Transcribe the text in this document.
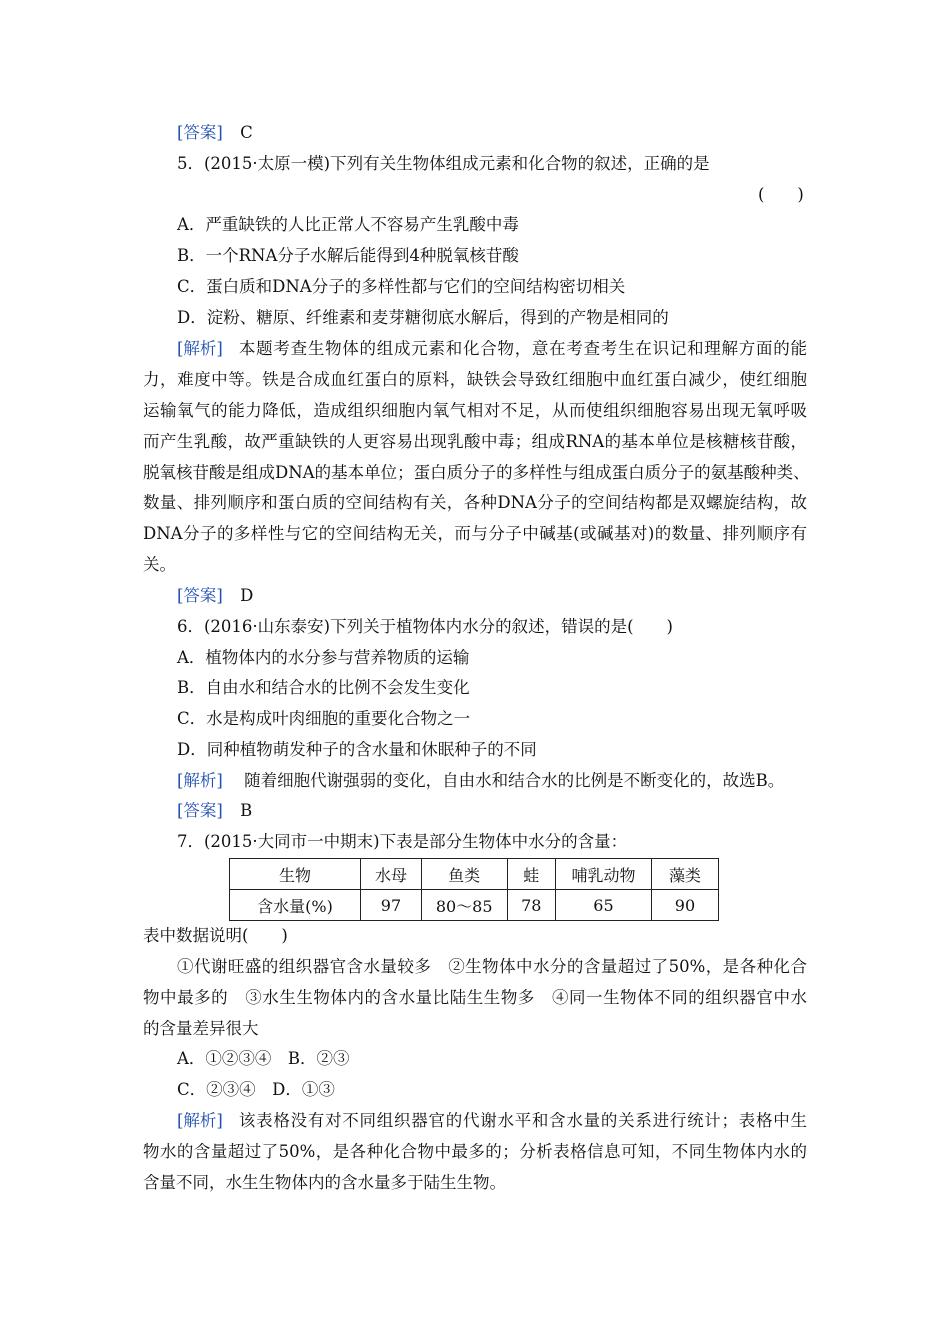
[答案] C
5．(2015·太原一模)下列有关生物体组成元素和化合物的叙述，正确的是
(　　)
A．严重缺铁的人比正常人不容易产生乳酸中毒
B．一个RNA分子水解后能得到4种脱氧核苷酸
C．蛋白质和DNA分子的多样性都与它们的空间结构密切相关
D．淀粉、糖原、纤维素和麦芽糖彻底水解后，得到的产物是相同的
[解析] 本题考查生物体的组成元素和化合物，意在考查考生在识记和理解方面的能
力，难度中等。铁是合成血红蛋白的原料，缺铁会导致红细胞中血红蛋白减少，使红细胞
运输氧气的能力降低，造成组织细胞内氧气相对不足，从而使组织细胞容易出现无氧呼吸
而产生乳酸，故严重缺铁的人更容易出现乳酸中毒；组成RNA的基本单位是核糖核苷酸，
脱氧核苷酸是组成DNA的基本单位；蛋白质分子的多样性与组成蛋白质分子的氨基酸种类、
数量、排列顺序和蛋白质的空间结构有关，各种DNA分子的空间结构都是双螺旋结构，故
DNA分子的多样性与它的空间结构无关，而与分子中碱基(或碱基对)的数量、排列顺序有
关。
[答案] D
6．(2016·山东泰安)下列关于植物体内水分的叙述，错误的是(　　)
A．植物体内的水分参与营养物质的运输
B．自由水和结合水的比例不会发生变化
C．水是构成叶肉细胞的重要化合物之一
D．同种植物萌发种子的含水量和休眠种子的不同
[解析] 随着细胞代谢强弱的变化，自由水和结合水的比例是不断变化的，故选B。
[答案] B
7．(2015·大同市一中期末)下表是部分生物体中水分的含量：
生物	水母	鱼类	蛙	哺乳动物	藻类
含水量(%)	97	80～85	78	65	90
表中数据说明(　　)
①代谢旺盛的组织器官含水量较多　②生物体中水分的含量超过了50%，是各种化合
物中最多的　③水生生物体内的含水量比陆生生物多　④同一生物体不同的组织器官中水
的含量差异很大
A．①②③④　B．②③
C．②③④　D．①③
[解析] 该表格没有对不同组织器官的代谢水平和含水量的关系进行统计；表格中生
物水的含量超过了50%，是各种化合物中最多的；分析表格信息可知，不同生物体内水的
含量不同，水生生物体内的含水量多于陆生生物。
